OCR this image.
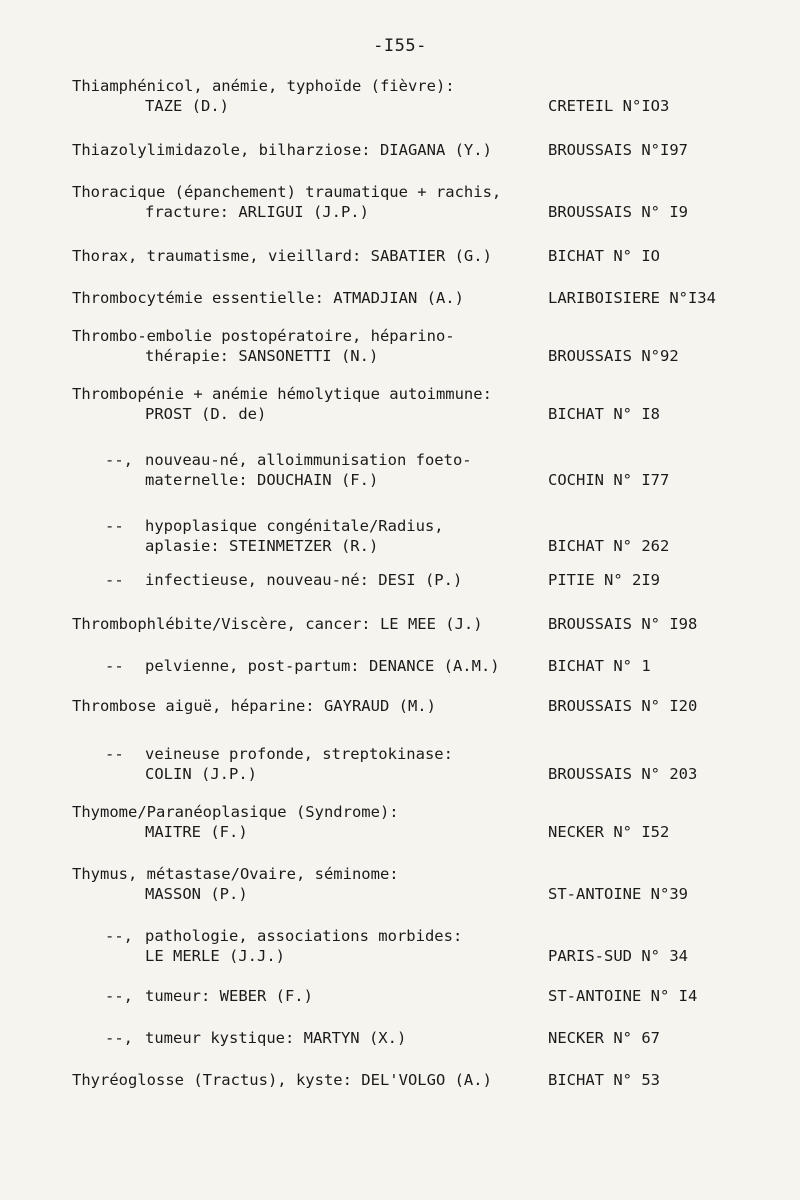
-I55-
Thiamphénicol, anémie, typhoïde (fièvre):
TAZE (D.)	CRETEIL N°IO3
Thiazolylimidazole, bilharziose: DIAGANA (Y.)	BROUSSAIS N°I97
Thoracique (épanchement) traumatique + rachis,
fracture: ARLIGUI (J.P.)	BROUSSAIS N° I9
Thorax, traumatisme, vieillard: SABATIER (G.)	BICHAT N° IO
Thrombocytémie essentielle: ATMADJIAN (A.)	LARIBOISIERE N°I34
Thrombo-embolie postopératoire, héparino-
thérapie: SANSONETTI (N.)	BROUSSAIS N°92
Thrombopénie + anémie hémolytique autoimmune:
PROST (D. de)	BICHAT N° I8
--, nouveau-né, alloimmunisation foeto-
maternelle: DOUCHAIN (F.)	COCHIN N° I77
-- hypoplasique congénitale/Radius,
aplasie: STEINMETZER (R.)	BICHAT N° 262
-- infectieuse, nouveau-né: DESI (P.)	PITIE N° 2I9
Thrombophlébite/Viscère, cancer: LE MEE (J.)	BROUSSAIS N° I98
-- pelvienne, post-partum: DENANCE (A.M.)	BICHAT N° 1
Thrombose aiguë, héparine: GAYRAUD (M.)	BROUSSAIS N° I20
-- veineuse profonde, streptokinase:
COLIN (J.P.)	BROUSSAIS N° 203
Thymome/Paranéoplasique (Syndrome):
MAITRE (F.)	NECKER N° I52
Thymus, métastase/Ovaire, séminome:
MASSON (P.)	ST-ANTOINE N°39
--, pathologie, associations morbides:
LE MERLE (J.J.)	PARIS-SUD N° 34
--, tumeur: WEBER (F.)	ST-ANTOINE N° I4
--, tumeur kystique: MARTYN (X.)	NECKER N° 67
Thyréoglosse (Tractus), kyste: DEL'VOLGO (A.)	BICHAT N° 53
